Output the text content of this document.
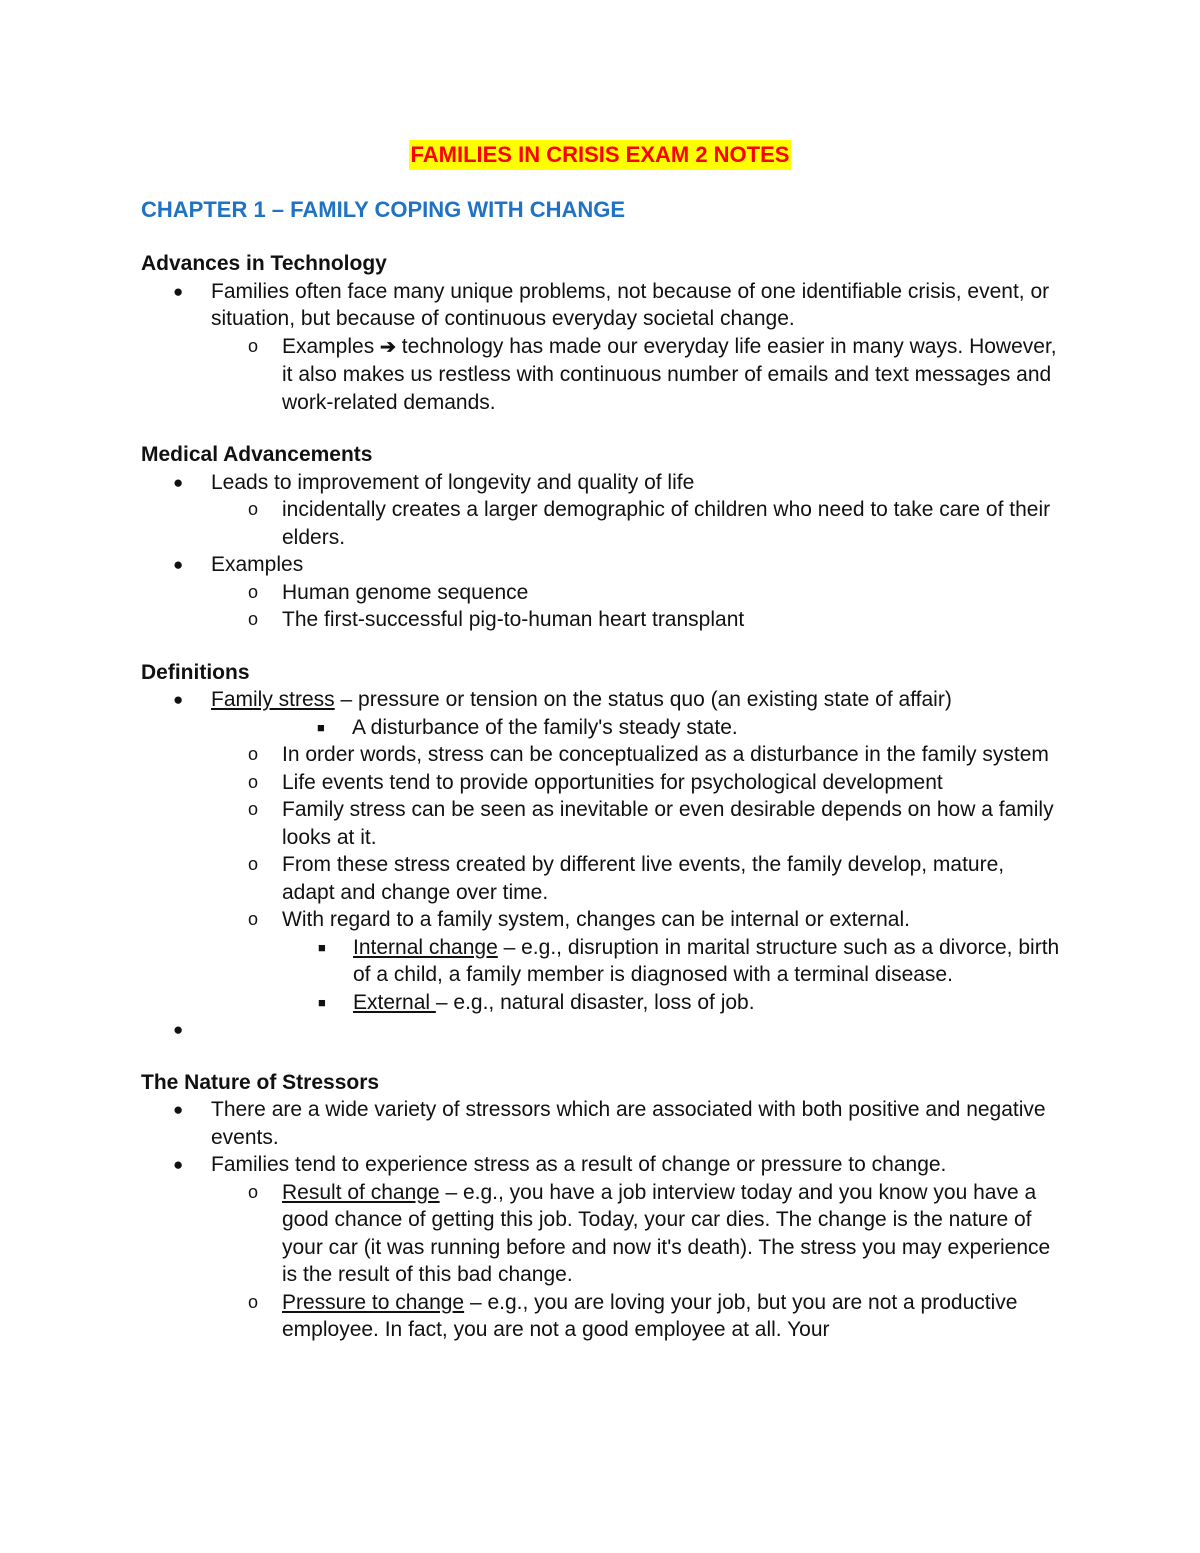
FAMILIES IN CRISIS EXAM 2 NOTES
CHAPTER 1 – FAMILY COPING WITH CHANGE
Advances in Technology
● Families often face many unique problems, not because of one identifiable crisis, event, or situation, but because of continuous everyday societal change.
o Examples ➔ technology has made our everyday life easier in many ways. However, it also makes us restless with continuous number of emails and text messages and work-related demands.
Medical Advancements
● Leads to improvement of longevity and quality of life
o incidentally creates a larger demographic of children who need to take care of their elders.
● Examples
o Human genome sequence
o The first-successful pig-to-human heart transplant
Definitions
● Family stress – pressure or tension on the status quo (an existing state of affair)
■ A disturbance of the family's steady state.
o In order words, stress can be conceptualized as a disturbance in the family system
o Life events tend to provide opportunities for psychological development
o Family stress can be seen as inevitable or even desirable depends on how a family looks at it.
o From these stress created by different live events, the family develop, mature, adapt and change over time.
o With regard to a family system, changes can be internal or external.
■ Internal change – e.g., disruption in marital structure such as a divorce, birth of a child, a family member is diagnosed with a terminal disease.
■ External – e.g., natural disaster, loss of job.
●
The Nature of Stressors
● There are a wide variety of stressors which are associated with both positive and negative events.
● Families tend to experience stress as a result of change or pressure to change.
o Result of change – e.g., you have a job interview today and you know you have a good chance of getting this job. Today, your car dies. The change is the nature of your car (it was running before and now it's death). The stress you may experience is the result of this bad change.
o Pressure to change – e.g., you are loving your job, but you are not a productive employee. In fact, you are not a good employee at all. Your
